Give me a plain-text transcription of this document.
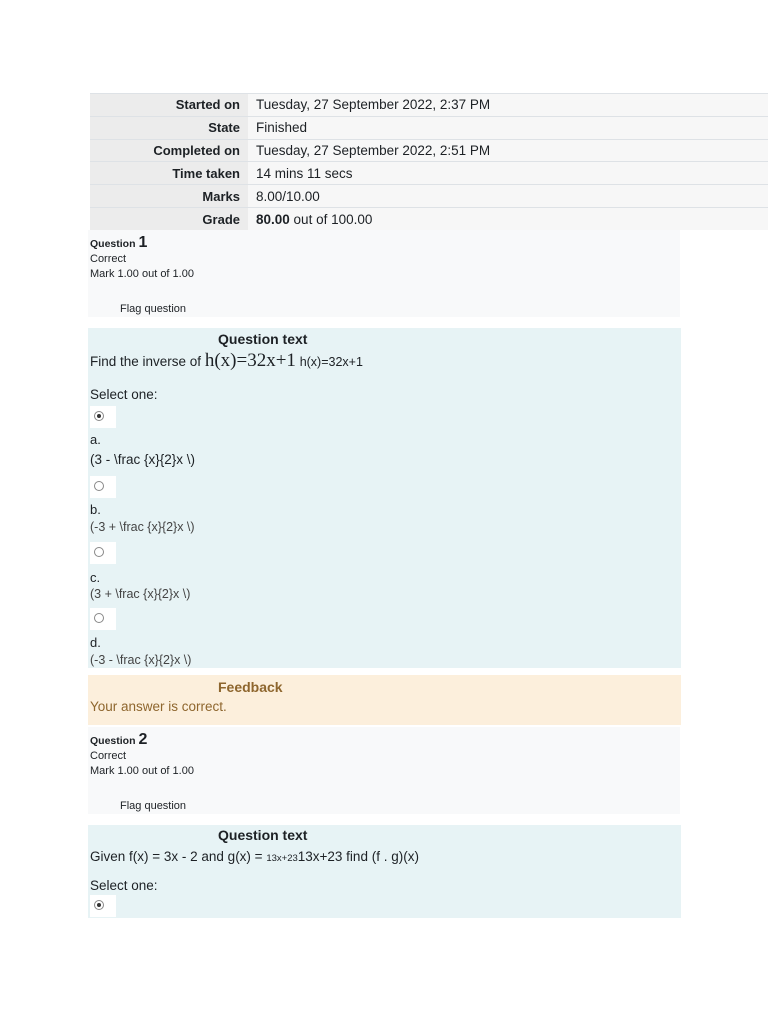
Started on	Tuesday, 27 September 2022, 2:37 PM
State	Finished
Completed on	Tuesday, 27 September 2022, 2:51 PM
Time taken	14 mins 11 secs
Marks	8.00/10.00
Grade	80.00 out of 100.00
Question 1
Correct
Mark 1.00 out of 1.00
Flag question
Question text
Find the inverse of h(x)=32x+1 h(x)=32x+1
Select one:
a.
(3 - \frac {x}{2}x \)
b.
(-3 + \frac {x}{2}x \)
c.
(3 + \frac {x}{2}x \)
d.
(-3 - \frac {x}{2}x \)
Feedback
Your answer is correct.
Question 2
Correct
Mark 1.00 out of 1.00
Flag question
Question text
Given f(x) = 3x - 2 and g(x) = 13x+2313x+23 find (f . g)(x)
Select one:
